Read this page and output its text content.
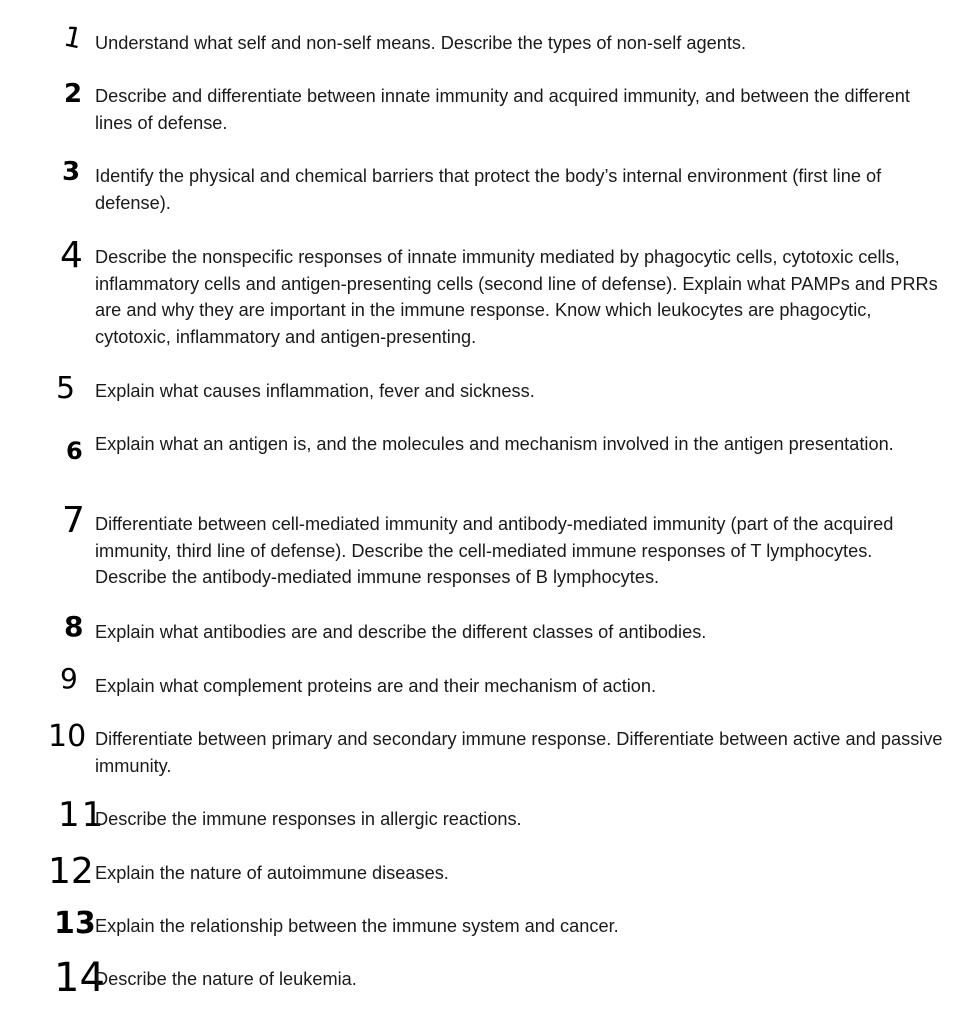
1 Understand what self and non-self means. Describe the types of non-self agents.

2 Describe and differentiate between innate immunity and acquired immunity, and between the different lines of defense.

3 Identify the physical and chemical barriers that protect the body’s internal environment (first line of defense).

4 Describe the nonspecific responses of innate immunity mediated by phagocytic cells, cytotoxic cells, inflammatory cells and antigen-presenting cells (second line of defense). Explain what PAMPs and PRRs are and why they are important in the immune response. Know which leukocytes are phagocytic, cytotoxic, inflammatory and antigen-presenting.

5 Explain what causes inflammation, fever and sickness.

6 Explain what an antigen is, and the molecules and mechanism involved in the antigen presentation.

7 Differentiate between cell-mediated immunity and antibody-mediated immunity (part of the acquired immunity, third line of defense). Describe the cell-mediated immune responses of T lymphocytes. Describe the antibody-mediated immune responses of B lymphocytes.

8 Explain what antibodies are and describe the different classes of antibodies.

9 Explain what complement proteins are and their mechanism of action.

10 Differentiate between primary and secondary immune response. Differentiate between active and passive immunity.

11

Describe the immune responses in allergic reactions.

12 Explain the nature of autoimmune diseases.

13 Explain the relationship between the immune system and cancer.

14

Describe the nature of leukemia.
